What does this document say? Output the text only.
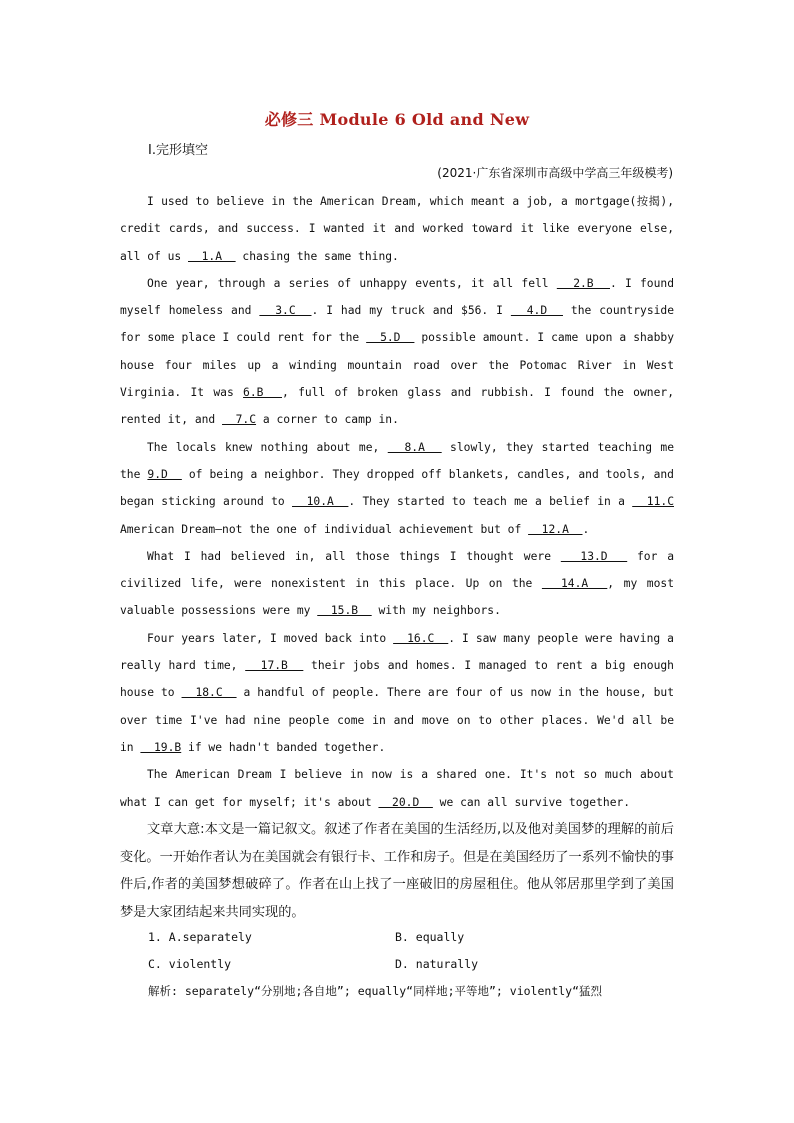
必修三 Module 6 Old and New
Ⅰ.完形填空
(2021·广东省深圳市高级中学高三年级模考)

I used to believe in the American Dream, which meant a job, a mortgage(按揭), credit cards, and success. I wanted it and worked toward it like everyone else, all of us   1.A   chasing the same thing.

One year, through a series of unhappy events, it all fell   2.B  . I found myself homeless and   3.C  . I had my truck and $56. I   4.D   the countryside for some place I could rent for the   5.D   possible amount. I came upon a shabby house four miles up a winding mountain road over the Potomac River in West Virginia. It was 6.B  , full of broken glass and rubbish. I found the owner, rented it, and   7.C a corner to camp in.

The locals knew nothing about me,   8.A   slowly, they started teaching me the 9.D   of being a neighbor. They dropped off blankets, candles, and tools, and began sticking around to   10.A  . They started to teach me a belief in a   11.C American Dream—not the one of individual achievement but of   12.A  .

What I had believed in, all those things I thought were   13.D   for a civilized life, were nonexistent in this place. Up on the   14.A  , my most valuable possessions were my   15.B   with my neighbors.

Four years later, I moved back into   16.C  . I saw many people were having a really hard time,   17.B   their jobs and homes. I managed to rent a big enough house to   18.C   a handful of people. There are four of us now in the house, but over time I've had nine people come in and move on to other places. We'd all be in   19.B if we hadn't banded together.

The American Dream I believe in now is a shared one. It's not so much about what I can get for myself; it's about   20.D   we can all survive together.

文章大意:本文是一篇记叙文。叙述了作者在美国的生活经历,以及他对美国梦的理解的前后变化。一开始作者认为在美国就会有银行卡、工作和房子。但是在美国经历了一系列不愉快的事件后,作者的美国梦想破碎了。作者在山上找了一座破旧的房屋租住。他从邻居那里学到了美国梦是大家团结起来共同实现的。

1. A.separately	B. equally
C. violently	D. naturally
解析: separately“分别地;各自地”; equally“同样地;平等地”; violently“猛烈
